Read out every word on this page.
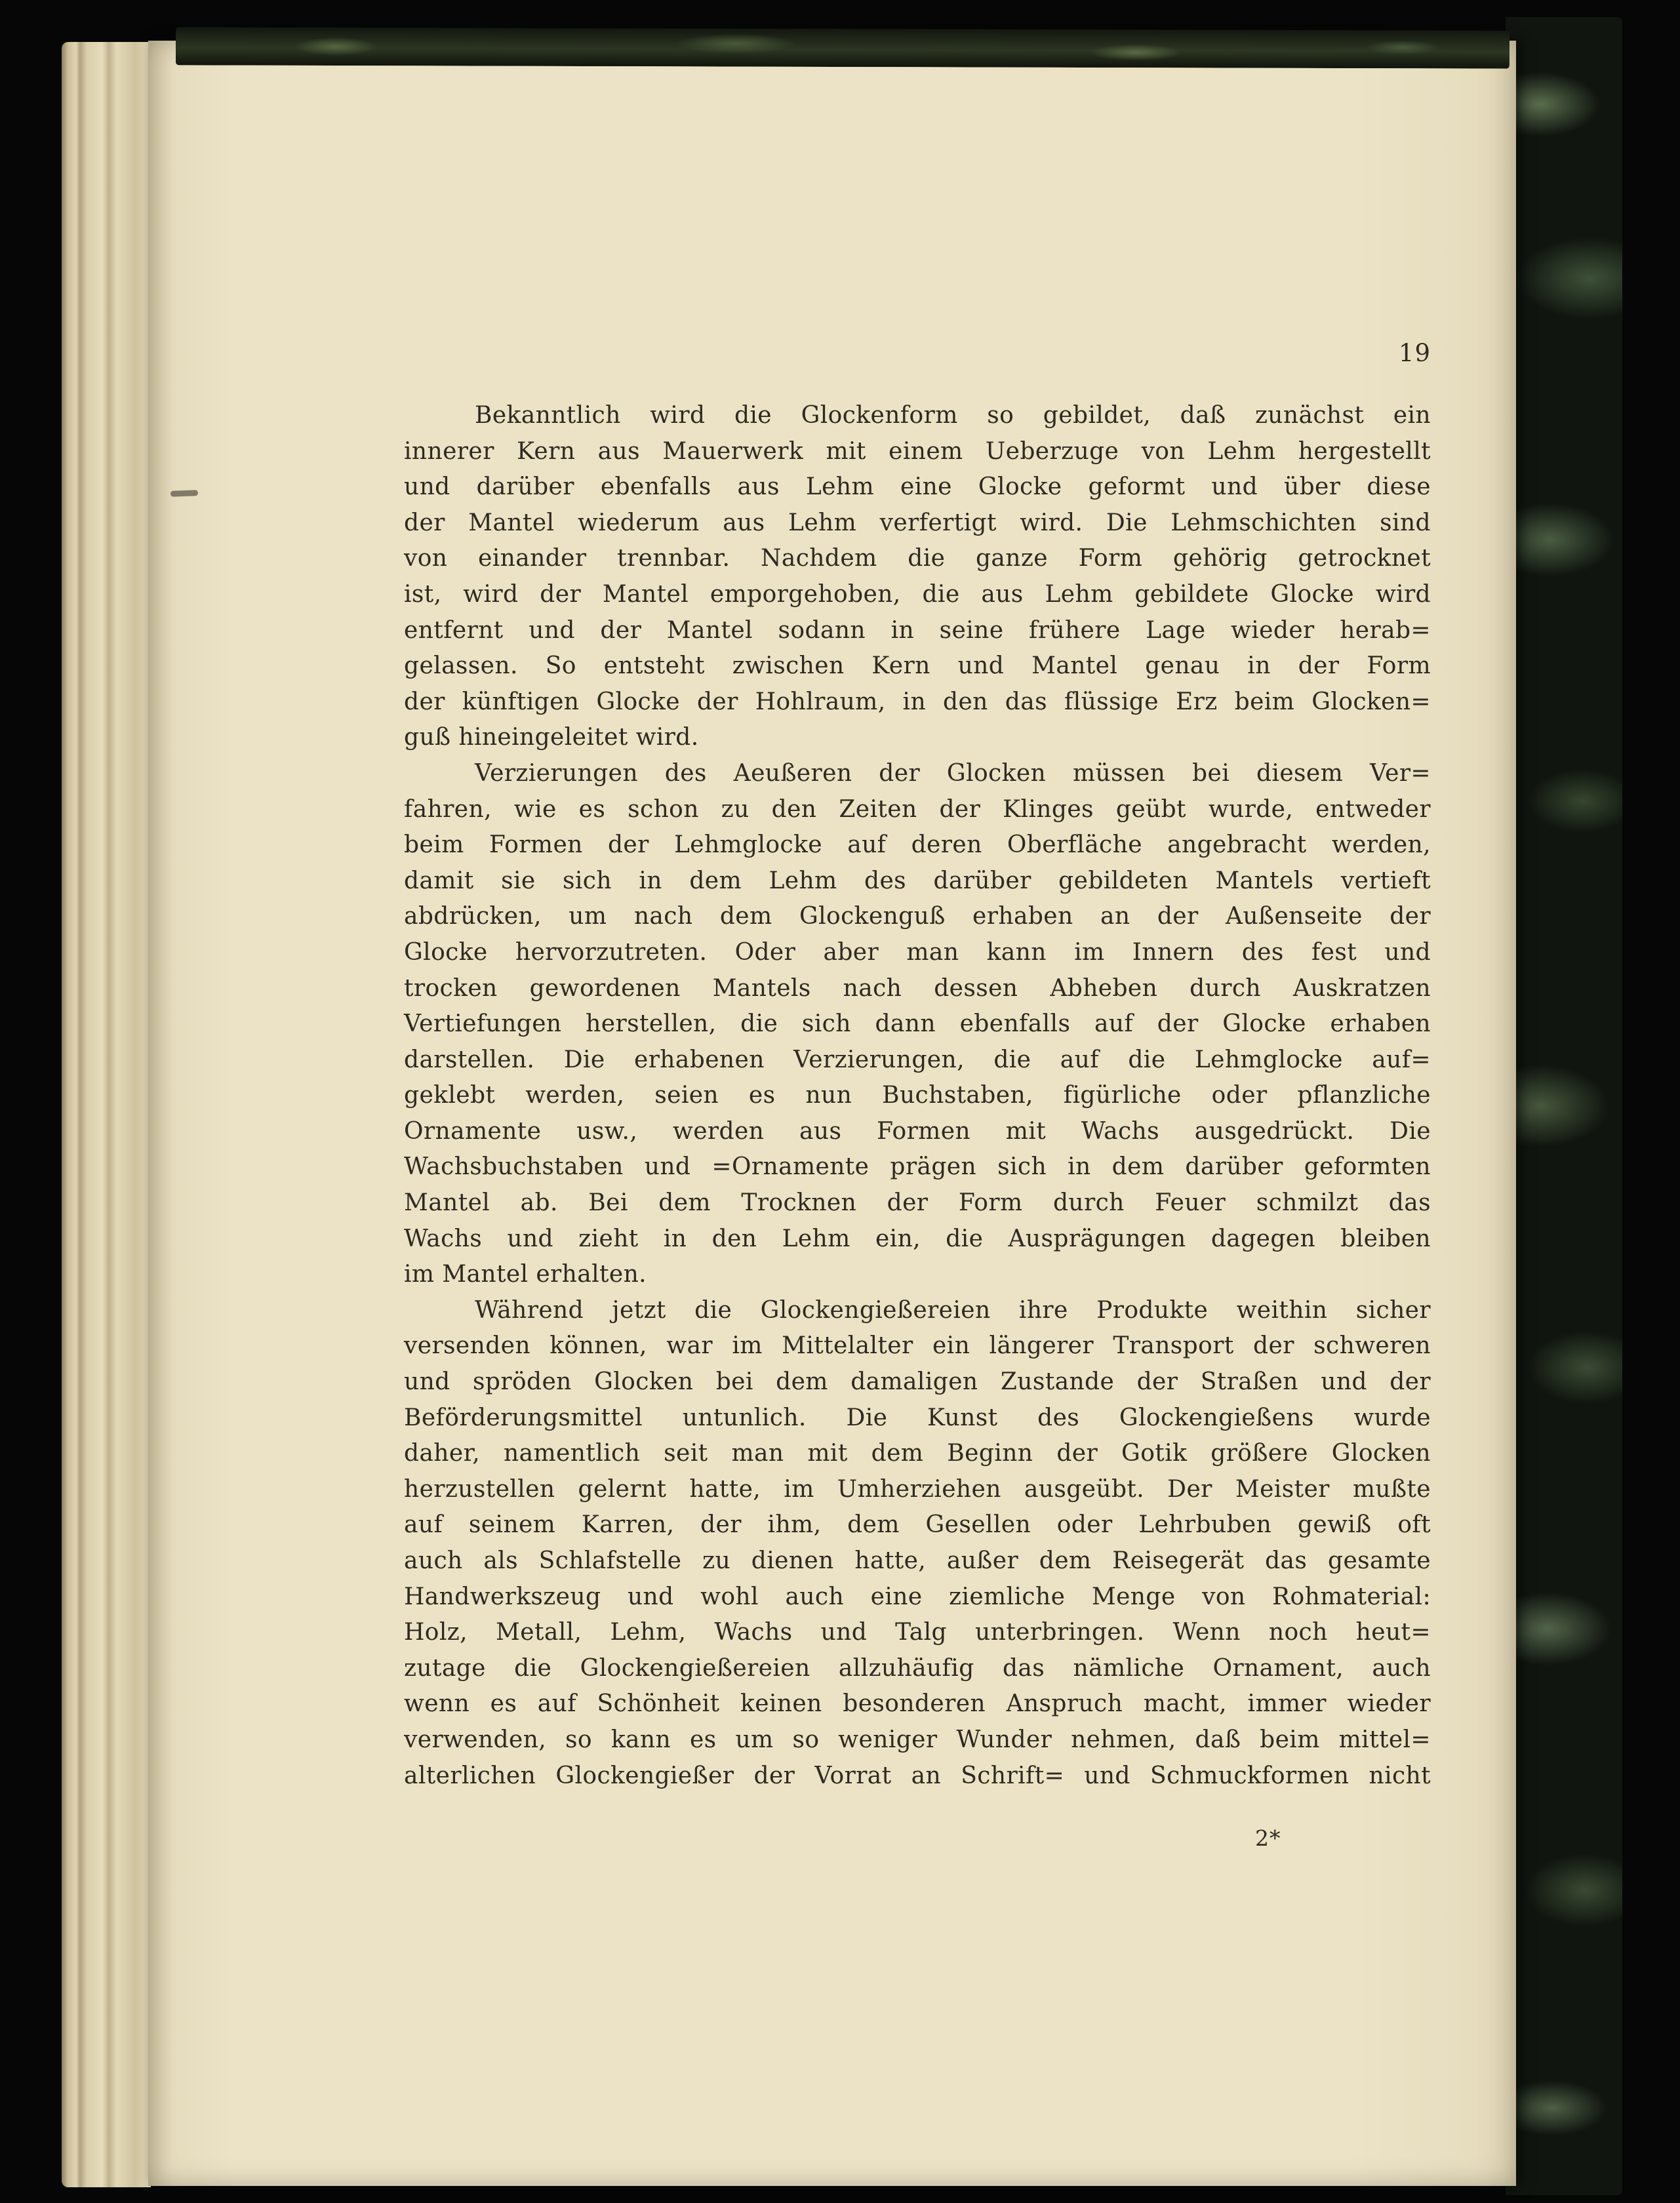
19
Bekanntlich wird die Glockenform so gebildet, daß zunächst ein
innerer Kern aus Mauerwerk mit einem Ueberzuge von Lehm hergestellt
und darüber ebenfalls aus Lehm eine Glocke geformt und über diese
der Mantel wiederum aus Lehm verfertigt wird. Die Lehmschichten sind
von einander trennbar. Nachdem die ganze Form gehörig getrocknet
ist, wird der Mantel emporgehoben, die aus Lehm gebildete Glocke wird
entfernt und der Mantel sodann in seine frühere Lage wieder herab=
gelassen. So entsteht zwischen Kern und Mantel genau in der Form
der künftigen Glocke der Hohlraum, in den das flüssige Erz beim Glocken=
guß hineingeleitet wird.
Verzierungen des Aeußeren der Glocken müssen bei diesem Ver=
fahren, wie es schon zu den Zeiten der Klinges geübt wurde, entweder
beim Formen der Lehmglocke auf deren Oberfläche angebracht werden,
damit sie sich in dem Lehm des darüber gebildeten Mantels vertieft
abdrücken, um nach dem Glockenguß erhaben an der Außenseite der
Glocke hervorzutreten. Oder aber man kann im Innern des fest und
trocken gewordenen Mantels nach dessen Abheben durch Auskratzen
Vertiefungen herstellen, die sich dann ebenfalls auf der Glocke erhaben
darstellen. Die erhabenen Verzierungen, die auf die Lehmglocke auf=
geklebt werden, seien es nun Buchstaben, figürliche oder pflanzliche
Ornamente usw., werden aus Formen mit Wachs ausgedrückt. Die
Wachsbuchstaben und =Ornamente prägen sich in dem darüber geformten
Mantel ab. Bei dem Trocknen der Form durch Feuer schmilzt das
Wachs und zieht in den Lehm ein, die Ausprägungen dagegen bleiben
im Mantel erhalten.
Während jetzt die Glockengießereien ihre Produkte weithin sicher
versenden können, war im Mittelalter ein längerer Transport der schweren
und spröden Glocken bei dem damaligen Zustande der Straßen und der
Beförderungsmittel untunlich. Die Kunst des Glockengießens wurde
daher, namentlich seit man mit dem Beginn der Gotik größere Glocken
herzustellen gelernt hatte, im Umherziehen ausgeübt. Der Meister mußte
auf seinem Karren, der ihm, dem Gesellen oder Lehrbuben gewiß oft
auch als Schlafstelle zu dienen hatte, außer dem Reisegerät das gesamte
Handwerkszeug und wohl auch eine ziemliche Menge von Rohmaterial:
Holz, Metall, Lehm, Wachs und Talg unterbringen. Wenn noch heut=
zutage die Glockengießereien allzuhäufig das nämliche Ornament, auch
wenn es auf Schönheit keinen besonderen Anspruch macht, immer wieder
verwenden, so kann es um so weniger Wunder nehmen, daß beim mittel=
alterlichen Glockengießer der Vorrat an Schrift= und Schmuckformen nicht
2*
